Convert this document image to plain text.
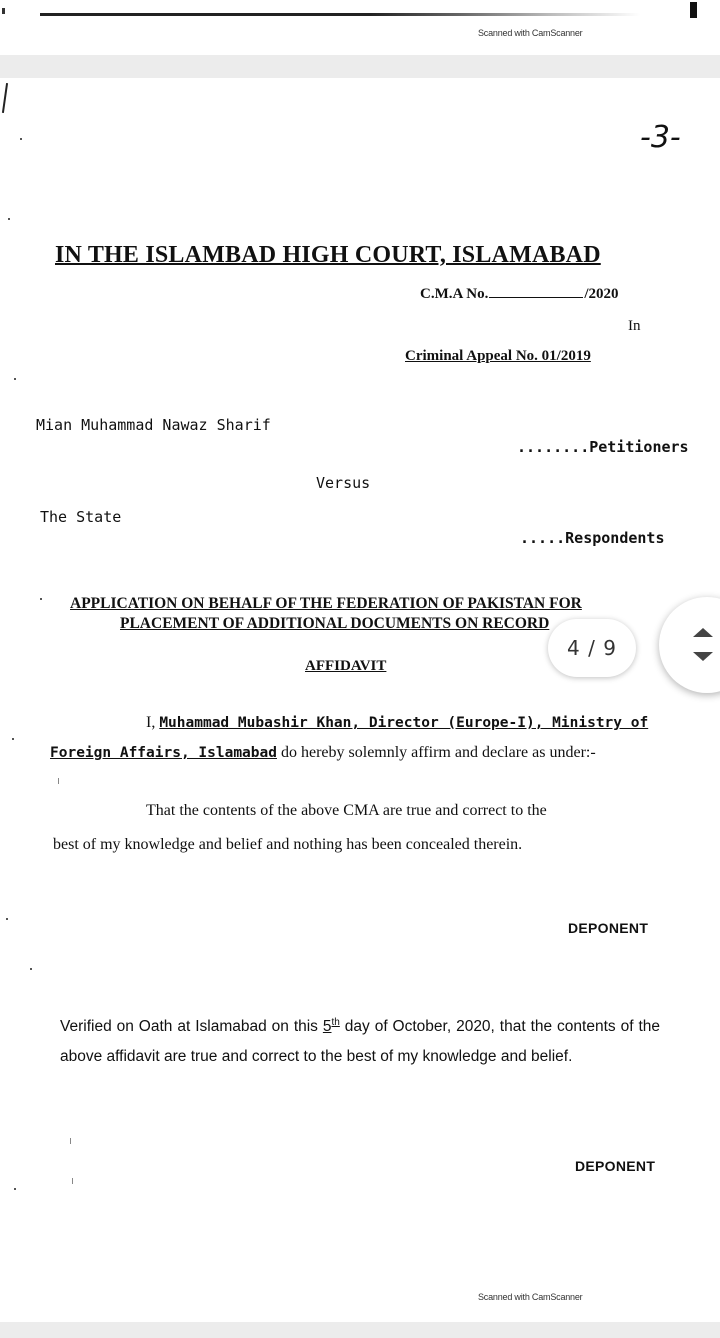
Scanned with CamScanner
-3-
IN THE ISLAMBAD HIGH COURT, ISLAMABAD
C.M.A No.	/2020
In
Criminal Appeal No. 01/2019
Mian Muhammad Nawaz Sharif
........Petitioners
Versus
The State
.....Respondents
APPLICATION ON BEHALF OF THE FEDERATION OF PAKISTAN FOR
PLACEMENT OF ADDITIONAL DOCUMENTS ON RECORD
AFFIDAVIT
I, Muhammad Mubashir Khan, Director (Europe-I), Ministry of
Foreign Affairs, Islamabad do hereby solemnly affirm and declare as under:-
That the contents of the above CMA are true and correct to the
best of my knowledge and belief and nothing has been concealed therein.
DEPONENT
Verified on Oath at Islamabad on this 5th day of October, 2020, that the contents of the above affidavit are true and correct to the best of my knowledge and belief.
DEPONENT
Scanned with CamScanner
4 / 9
